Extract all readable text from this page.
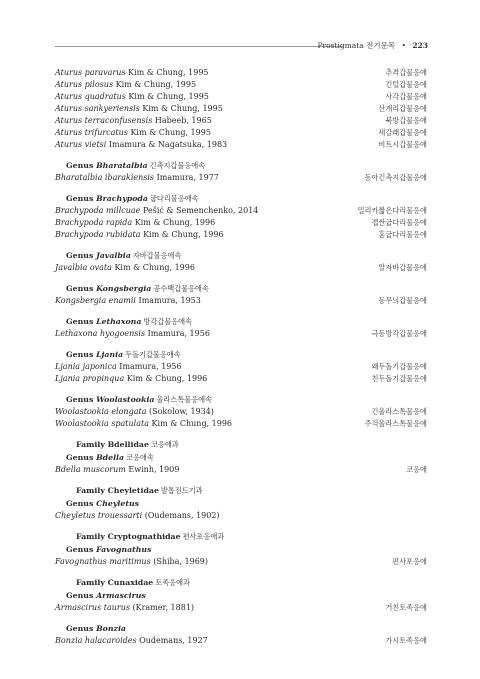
Prostigmata 전기문목 • 223
Aturus paravarus Kim & Chung, 1995	추격갑물응애
Aturus pilosus Kim & Chung, 1995	긴털갑물응애
Aturus quadratus Kim & Chung, 1995	사각갑물응애
Aturus sankyeriensis Kim & Chung, 1995	산계리갑물응애
Aturus terraconfusensis Habeeb, 1965	북방갑물응애
Aturus trifurcatus Kim & Chung, 1995	세갈래갑물응애
Aturus vietsi Imamura & Nagatsuka, 1983	비트시갑물응애
Genus Bharatalbia 긴촉지갑물응애속
Bharatalbia ibarakiensis Imamura, 1977	동아긴촉지갑물응애
Genus Brachypoda 굽다리물응애속
Brachypoda millcuae Pešić & Semenchenko, 2014	밀리카짧은다리물응애
Brachypoda rapida Kim & Chung, 1996	잽싼굽다리물응애
Brachypoda rubidata Kim & Chung, 1996	홍굽다리물응애
Genus Javalbia 자바갑물응애속
Javalbia ovata Kim & Chung, 1996	알자바갑물응애
Genus Kongsbergia 공수백갑물응애속
Kongsbergia enamii Imamura, 1953	등무늬갑물응애
Genus Lethaxona 방각갑물응애속
Lethaxona hyogoensis Imamura, 1956	극동방각갑물응애
Genus Ljania 두돌기갑물응애속
Ljania japonica Imamura, 1956	왜두돌기갑물응애
Ljania propinqua Kim & Chung, 1996	친두돌기갑물응애
Genus Woolastookia 울라스톡물응애속
Woolastookia elongata (Sokolow, 1934)	긴울라스톡물응애
Woolastookia spatulata Kim & Chung, 1996	주걱울라스톡물응애
Family Bdellidae 코응애과
Genus Bdella 코응애속
Bdella muscorum Ewinh, 1909	코응애
Family Cheyletidae 발톱진드기과
Genus Cheyletus
Cheyletus trouessarti (Oudemans, 1902)
Family Cryptognathidae 편사포응애과
Genus Favognathus
Favognathus maritimus (Shiba, 1969)	편사포응애
Family Cunaxidae 토족응애과
Genus Armascirus
Armascirus taurus (Kramer, 1881)	거친토족응애
Genus Bonzia
Bonzia halacaroides Oudemans, 1927	가시토족응애
